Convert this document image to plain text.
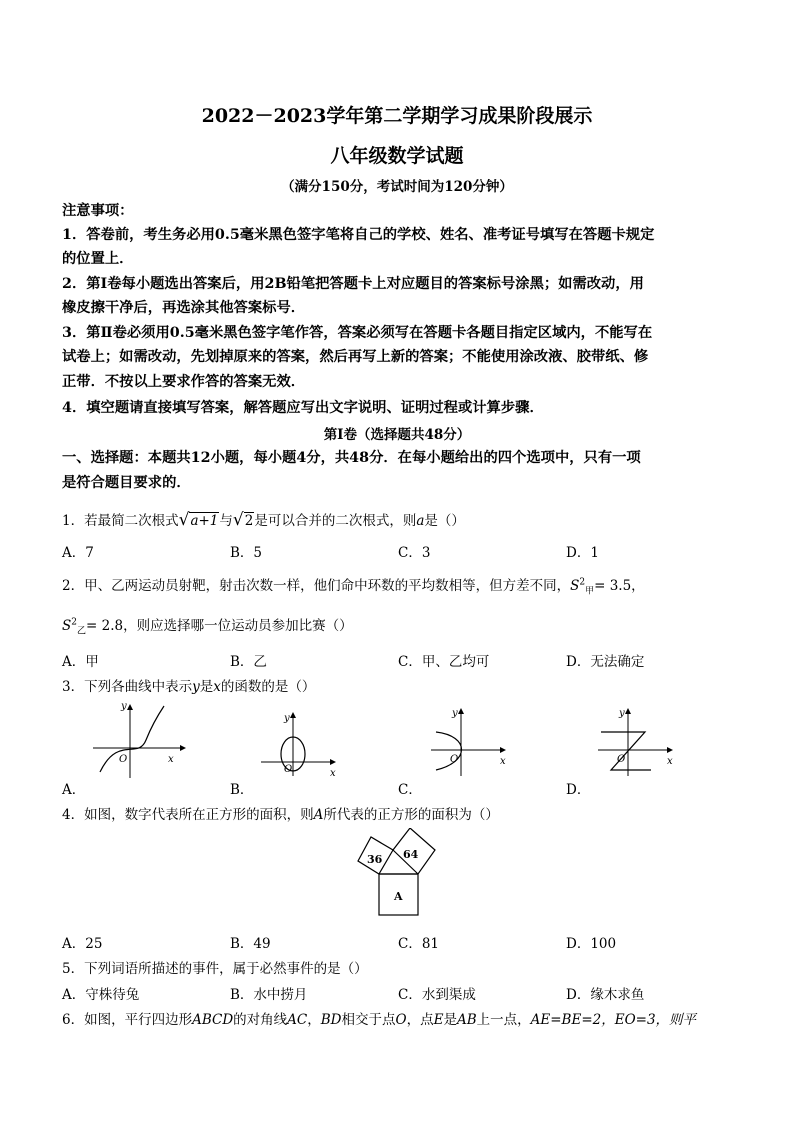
2022－2023学年第二学期学习成果阶段展示
八年级数学试题
（满分150分，考试时间为120分钟）
注意事项：
1．答卷前，考生务必用0.5毫米黑色签字笔将自己的学校、姓名、准考证号填写在答题卡规定
的位置上．
2．第Ⅰ卷每小题选出答案后，用2B铅笔把答题卡上对应题目的答案标号涂黑；如需改动，用
橡皮擦干净后，再选涂其他答案标号．
3．第Ⅱ卷必须用0.5毫米黑色签字笔作答，答案必须写在答题卡各题目指定区域内，不能写在
试卷上；如需改动，先划掉原来的答案，然后再写上新的答案；不能使用涂改液、胶带纸、修
正带．不按以上要求作答的答案无效．
4．填空题请直接填写答案，解答题应写出文字说明、证明过程或计算步骤．
第Ⅰ卷（选择题共48分）
一、选择题：本题共12小题，每小题4分，共48分．在每小题给出的四个选项中，只有一项
是符合题目要求的．
1．若最简二次根式√a+1与√2是可以合并的二次根式，则a是（）
A．7	B．5	C．3	D．1
2．甲、乙两运动员射靶，射击次数一样，他们命中环数的平均数相等，但方差不同，$S^2_甲= 3.5$，
$S^2_乙= 2.8$，则应选择哪一位运动员参加比赛（）
A．甲	B．乙	C．甲、乙均可	D．无法确定
3．下列各曲线中表示y是x的函数的是（）
y
x
O
A．
y
x
O
B．
y
x
O
C．
y
x
O
D．
4．如图，数字代表所在正方形的面积，则A所代表的正方形的面积为（）
36 64
A
A．25	B．49	C．81	D．100
5．下列词语所描述的事件，属于必然事件的是（）
A．守株待兔	B．水中捞月	C．水到渠成	D．缘木求鱼
6．如图，平行四边形ABCD的对角线AC，BD相交于点O，点E是AB上一点，AE=BE=2，EO=3，则平
